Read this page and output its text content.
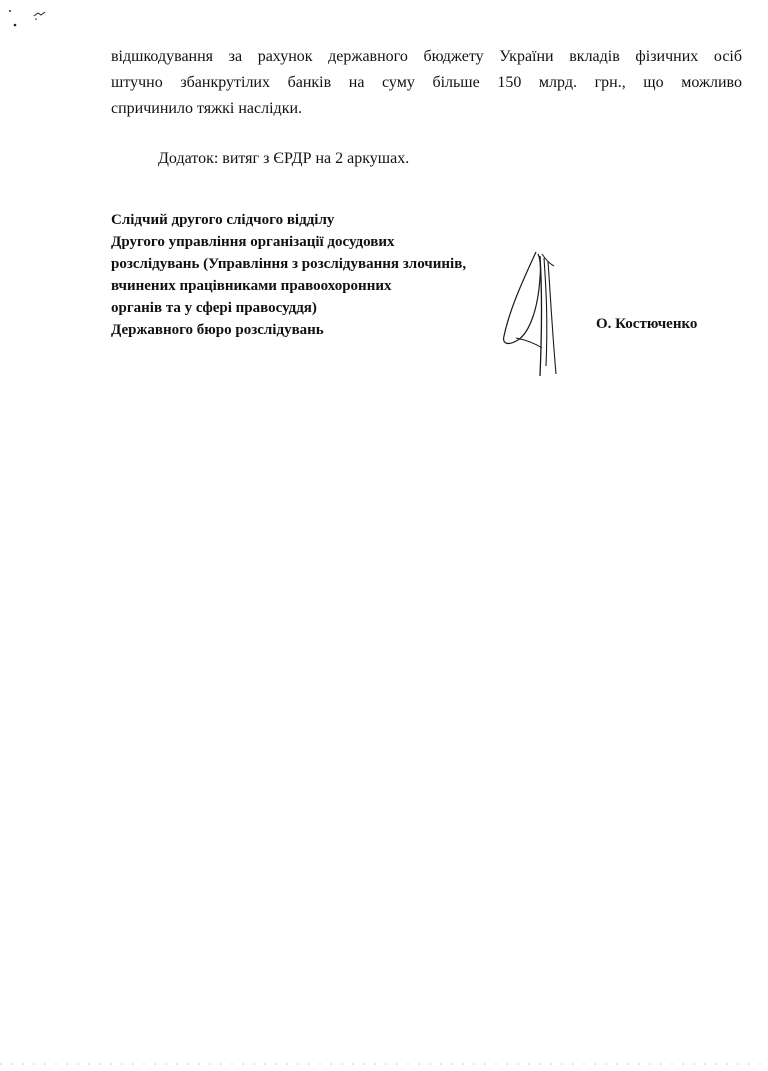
відшкодування за рахунок державного бюджету України вкладів фізичних осіб
штучно збанкрутілих банків на суму більше 150 млрд. грн., що можливо
спричинило тяжкі наслідки.

Додаток: витяг з ЄРДР на 2 аркушах.

Слідчий другого слідчого відділу
Другого управління організації досудових
розслідувань (Управління з розслідування злочинів,
вчинених працівниками правоохоронних
органів та у сфері правосуддя)
Державного бюро розслідувань	О. Костюченко
